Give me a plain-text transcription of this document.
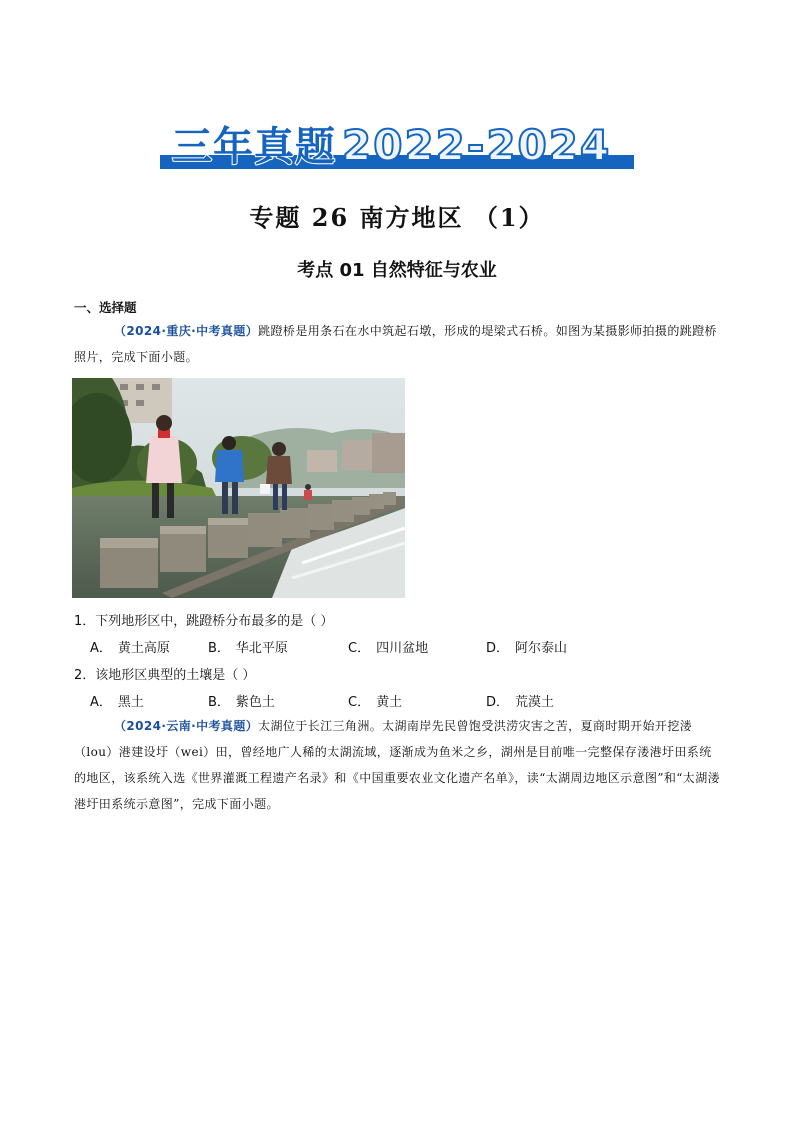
三年真题 2022-2024
专题 26 南方地区 （1）
考点 01 自然特征与农业
一、选择题

（2024·重庆·中考真题）跳蹬桥是用条石在水中筑起石墩，形成的堤梁式石桥。如图为某摄影师拍摄的跳蹬桥照片，完成下面小题。

1．下列地形区中，跳蹬桥分布最多的是（ ）
A． 黄土高原	B． 华北平原	C． 四川盆地	D． 阿尔泰山
2．该地形区典型的土壤是（ ）
A． 黑土	B． 紫色土	C． 黄土	D． 荒漠土

（2024·云南·中考真题）太湖位于长江三角洲。太湖南岸先民曾饱受洪涝灾害之苦，夏商时期开始开挖溇（lou）港建设圩（wei）田，曾经地广人稀的太湖流域，逐渐成为鱼米之乡，湖州是目前唯一完整保存溇港圩田系统的地区，该系统入选《世界灌溉工程遗产名录》和《中国重要农业文化遗产名单》，读“太湖周边地区示意图”和“太湖溇港圩田系统示意图”，完成下面小题。
